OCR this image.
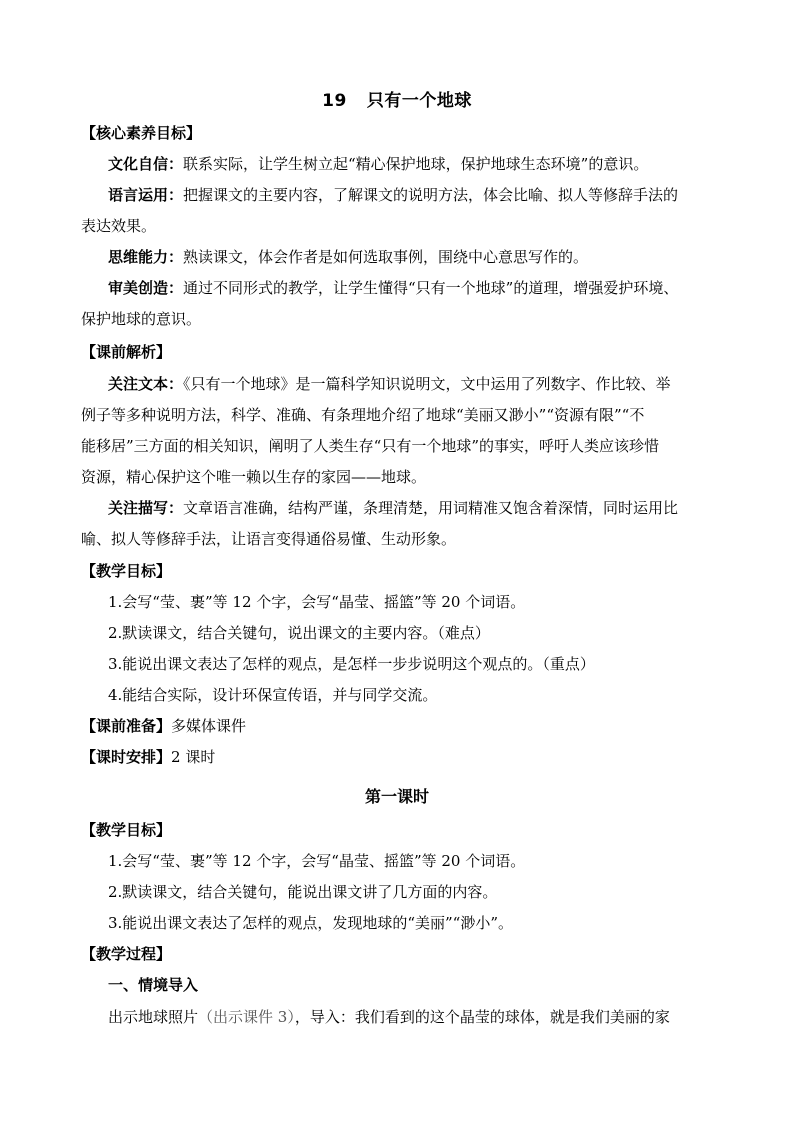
19 只有一个地球
【核心素养目标】
文化自信：联系实际，让学生树立起“精心保护地球，保护地球生态环境”的意识。
语言运用：把握课文的主要内容，了解课文的说明方法，体会比喻、拟人等修辞手法的
表达效果。
思维能力：熟读课文，体会作者是如何选取事例，围绕中心意思写作的。
审美创造：通过不同形式的教学，让学生懂得“只有一个地球”的道理，增强爱护环境、
保护地球的意识。
【课前解析】
关注文本：《只有一个地球》是一篇科学知识说明文，文中运用了列数字、作比较、举
例子等多种说明方法，科学、准确、有条理地介绍了地球“美丽又渺小”“资源有限”“不
能移居”三方面的相关知识，阐明了人类生存“只有一个地球”的事实，呼吁人类应该珍惜
资源，精心保护这个唯一赖以生存的家园——地球。
关注描写：文章语言准确，结构严谨，条理清楚，用词精准又饱含着深情，同时运用比
喻、拟人等修辞手法，让语言变得通俗易懂、生动形象。
【教学目标】
1.会写“莹、裹”等 12 个字，会写“晶莹、摇篮”等 20 个词语。
2.默读课文，结合关键句，说出课文的主要内容。（难点）
3.能说出课文表达了怎样的观点，是怎样一步步说明这个观点的。（重点）
4.能结合实际，设计环保宣传语，并与同学交流。
【课前准备】多媒体课件
【课时安排】2 课时
第一课时
【教学目标】
1.会写“莹、裹”等 12 个字，会写“晶莹、摇篮”等 20 个词语。
2.默读课文，结合关键句，能说出课文讲了几方面的内容。
3.能说出课文表达了怎样的观点，发现地球的“美丽”“渺小”。
【教学过程】
一、情境导入
出示地球照片（出示课件 3），导入：我们看到的这个晶莹的球体，就是我们美丽的家
